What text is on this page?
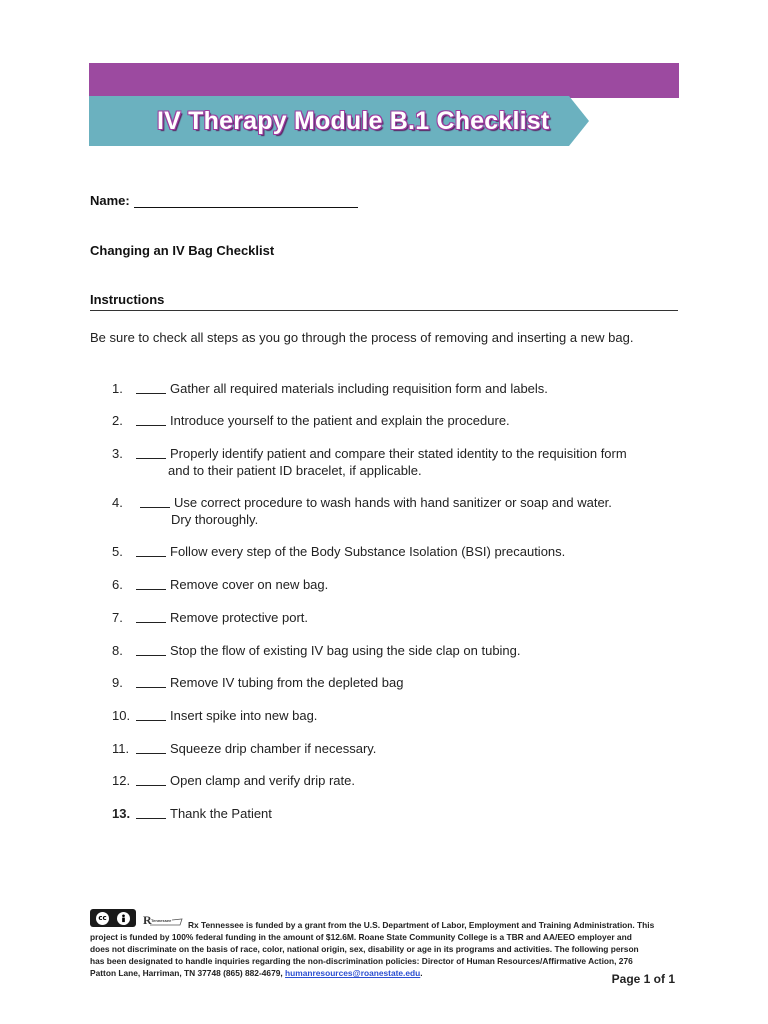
IV Therapy Module B.1 Checklist
Name:
Changing an IV Bag Checklist
Instructions
Be sure to check all steps as you go through the process of removing and inserting a new bag.
1.	Gather all required materials including requisition form and labels.
2.	Introduce yourself to the patient and explain the procedure.
3.	Properly identify patient and compare their stated identity to the requisition form
and to their patient ID bracelet, if applicable.
4.	Use correct procedure to wash hands with hand sanitizer or soap and water.
Dry thoroughly.
5.	Follow every step of the Body Substance Isolation (BSI) precautions.
6.	Remove cover on new bag.
7.	Remove protective port.
8.	Stop the flow of existing IV bag using the side clap on tubing.
9.	Remove IV tubing from the depleted bag
10.	Insert spike into new bag.
11.	Squeeze drip chamber if necessary.
12.	Open clamp and verify drip rate.
13.	Thank the Patient
cc	R Tennessee	Rx Tennessee is funded by a grant from the U.S. Department of Labor, Employment and Training Administration. This
project is funded by 100% federal funding in the amount of $12.6M. Roane State Community College is a TBR and AA/EEO employer and
does not discriminate on the basis of race, color, national origin, sex, disability or age in its programs and activities. The following person
has been designated to handle inquiries regarding the non-discrimination policies: Director of Human Resources/Affirmative Action, 276
Patton Lane, Harriman, TN 37748 (865) 882-4679, humanresources@roanestate.edu.	Page 1 of 1
